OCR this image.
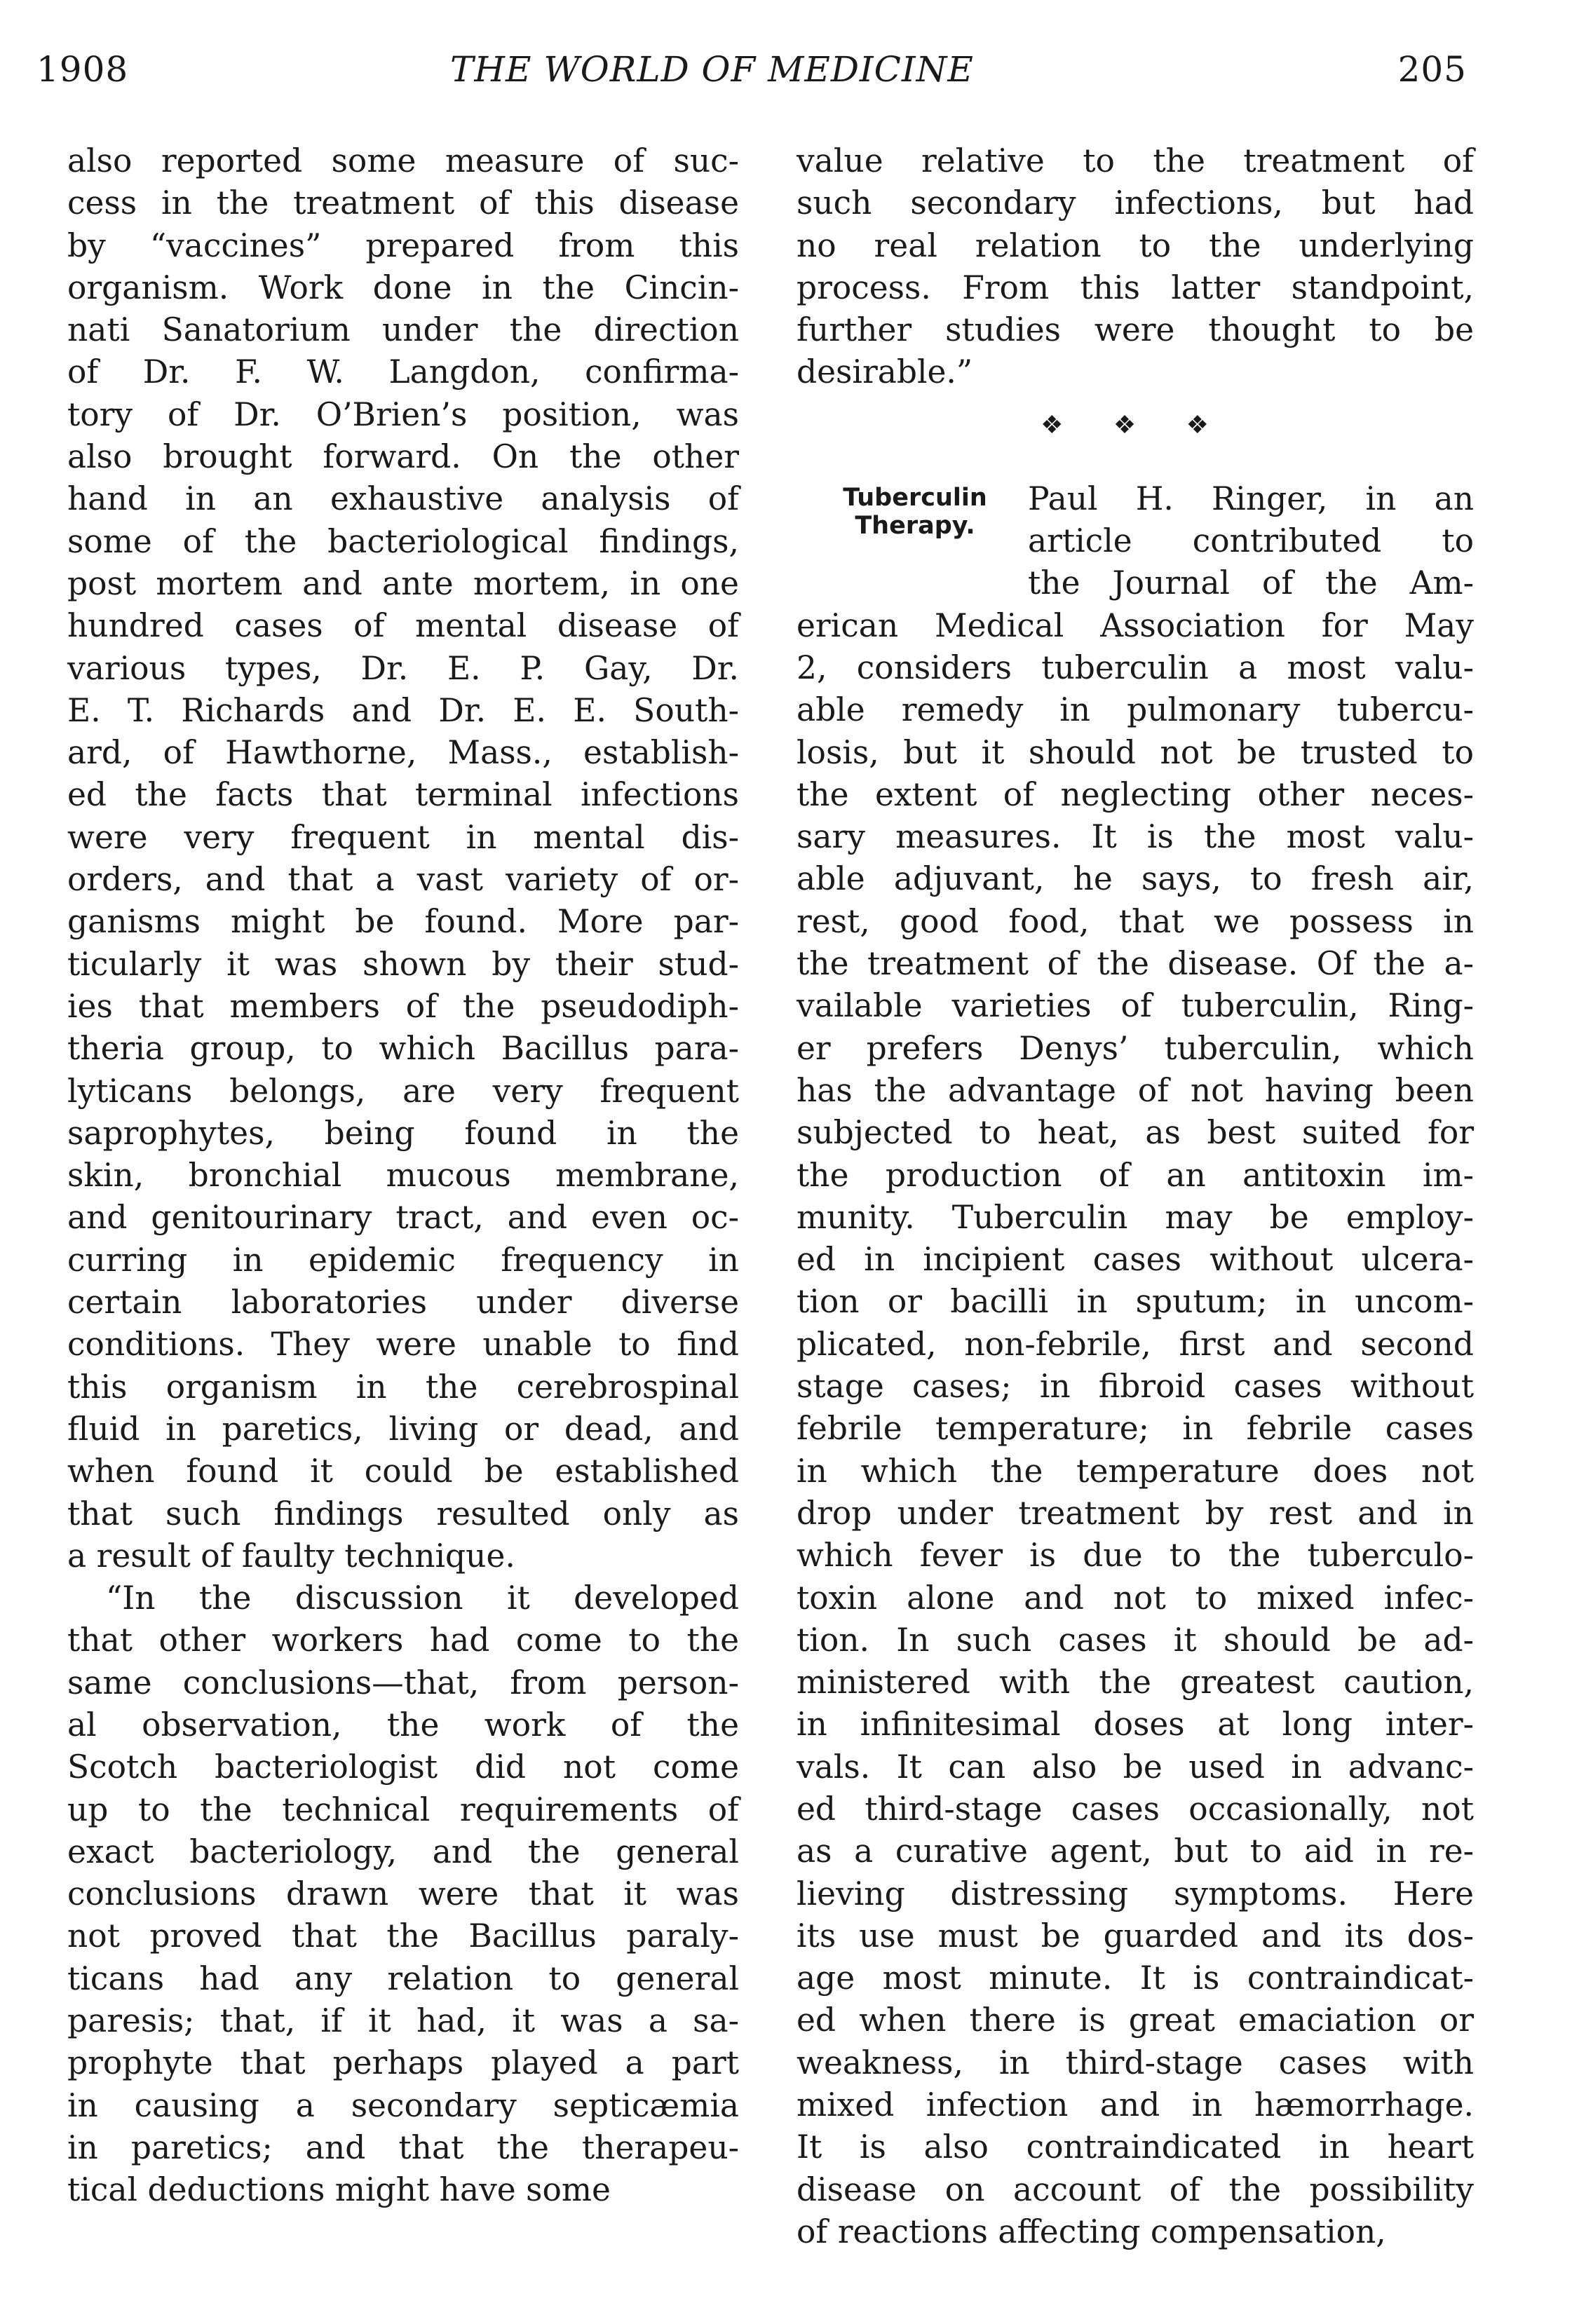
1908	THE WORLD OF MEDICINE	205
also reported some measure of suc-
cess in the treatment of this disease
by “vaccines” prepared from this
organism. Work done in the Cincin-
nati Sanatorium under the direction
of Dr. F. W. Langdon, confirma-
tory of Dr. O’Brien’s position, was
also brought forward. On the other
hand in an exhaustive analysis of
some of the bacteriological findings,
post mortem and ante mortem, in one
hundred cases of mental disease of
various types, Dr. E. P. Gay, Dr.
E. T. Richards and Dr. E. E. South-
ard, of Hawthorne, Mass., establish-
ed the facts that terminal infections
were very frequent in mental dis-
orders, and that a vast variety of or-
ganisms might be found. More par-
ticularly it was shown by their stud-
ies that members of the pseudodiph-
theria group, to which Bacillus para-
lyticans belongs, are very frequent
saprophytes, being found in the
skin, bronchial mucous membrane,
and genitourinary tract, and even oc-
curring in epidemic frequency in
certain laboratories under diverse
conditions. They were unable to find
this organism in the cerebrospinal
fluid in paretics, living or dead, and
when found it could be established
that such findings resulted only as
a result of faulty technique.
“In the discussion it developed
that other workers had come to the
same conclusions—that, from person-
al observation, the work of the
Scotch bacteriologist did not come
up to the technical requirements of
exact bacteriology, and the general
conclusions drawn were that it was
not proved that the Bacillus paraly-
ticans had any relation to general
paresis; that, if it had, it was a sa-
prophyte that perhaps played a part
in causing a secondary septicæmia
in paretics; and that the therapeu-
tical deductions might have some
value relative to the treatment of
such secondary infections, but had
no real relation to the underlying
process. From this latter standpoint,
further studies were thought to be
desirable.”
❖ ❖ ❖
Paul H. Ringer, in an
article contributed to
the Journal of the Am-
erican Medical Association for May
2, considers tuberculin a most valu-
able remedy in pulmonary tubercu-
losis, but it should not be trusted to
the extent of neglecting other neces-
sary measures. It is the most valu-
able adjuvant, he says, to fresh air,
rest, good food, that we possess in
the treatment of the disease. Of the a-
vailable varieties of tuberculin, Ring-
er prefers Denys’ tuberculin, which
has the advantage of not having been
subjected to heat, as best suited for
the production of an antitoxin im-
munity. Tuberculin may be employ-
ed in incipient cases without ulcera-
tion or bacilli in sputum; in uncom-
plicated, non-febrile, first and second
stage cases; in fibroid cases without
febrile temperature; in febrile cases
in which the temperature does not
drop under treatment by rest and in
which fever is due to the tuberculo-
toxin alone and not to mixed infec-
tion. In such cases it should be ad-
ministered with the greatest caution,
in infinitesimal doses at long inter-
vals. It can also be used in advanc-
ed third-stage cases occasionally, not
as a curative agent, but to aid in re-
lieving distressing symptoms. Here
its use must be guarded and its dos-
age most minute. It is contraindicat-
ed when there is great emaciation or
weakness, in third-stage cases with
mixed infection and in hæmorrhage.
It is also contraindicated in heart
disease on account of the possibility
of reactions affecting compensation,
Tuberculin Therapy.
